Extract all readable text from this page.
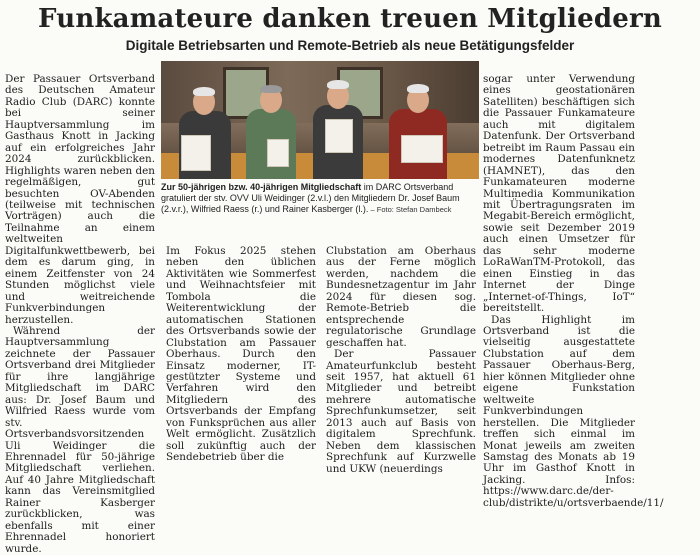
Funkamateure danken treuen Mitgliedern
Digitale Betriebsarten und Remote-Betrieb als neue Betätigungsfelder

Der Passauer Ortsverband des Deutschen Amateur Radio Club (DARC) konnte bei seiner Hauptversammlung im Gasthaus Knott in Jacking auf ein erfolgreiches Jahr 2024 zurückblicken. Highlights waren neben den regelmäßigen, gut besuchten OV-Abenden (teilweise mit technischen Vorträgen) auch die Teilnahme an einem weltweiten Digitalfunkwettbewerb, bei dem es darum ging, in einem Zeitfenster von 24 Stunden möglichst viele und weitreichende Funkverbindungen herzustellen.

Während der Hauptversammlung zeichnete der Passauer Ortsverband drei Mitglieder für ihre langjährige Mitgliedschaft im DARC aus: Dr. Josef Baum und Wilfried Raess wurde vom stv. Ortsverbandsvorsitzenden Uli Weidinger die Ehrennadel für 50-jährige Mitgliedschaft verliehen. Auf 40 Jahre Mitgliedschaft kann das Vereinsmitglied Rainer Kasberger zurückblicken, was ebenfalls mit einer Ehrennadel honoriert wurde.

Zur 50-jährigen bzw. 40-jährigen Mitgliedschaft im DARC Ortsverband gratuliert der stv. OVV Uli Weidinger (2.v.l.) den Mitgliedern Dr. Josef Baum (2.v.r.), Wilfried Raess (r.) und Rainer Kasberger (l.). – Foto: Stefan Dambeck

Im Fokus 2025 stehen neben den üblichen Aktivitäten wie Sommerfest und Weihnachtsfeier mit Tombola die Weiterentwicklung der automatischen Stationen des Ortsverbands sowie der Clubstation am Passauer Oberhaus. Durch den Einsatz moderner, IT-gestützter Systeme und Verfahren wird den Mitgliedern des Ortsverbands der Empfang von Funksprüchen aus aller Welt ermöglicht. Zusätzlich soll zukünftig auch der Sendebetrieb über die

Clubstation am Oberhaus aus der Ferne möglich werden, nachdem die Bundesnetzagentur im Jahr 2024 für diesen sog. Remote-Betrieb die entsprechende regulatorische Grundlage geschaffen hat.

Der Passauer Amateurfunkclub besteht seit 1957, hat aktuell 61 Mitglieder und betreibt mehrere automatische Sprechfunkumsetzer, seit 2013 auch auf Basis von digitalem Sprechfunk. Neben dem klassischen Sprechfunk auf Kurzwelle und UKW (neuerdings

sogar unter Verwendung eines geostationären Satelliten) beschäftigen sich die Passauer Funkamateure auch mit digitalem Datenfunk. Der Ortsverband betreibt im Raum Passau ein modernes Datenfunknetz (HAMNET), das den Funkamateuren moderne Multimedia Kommunikation mit Übertragungsraten im Megabit-Bereich ermöglicht, sowie seit Dezember 2019 auch einen Umsetzer für das sehr moderne LoRaWanTM-Protokoll, das einen Einstieg in das Internet der Dinge „Internet-of-Things, IoT“ bereitstellt.

Das Highlight im Ortsverband ist die vielseitig ausgestattete Clubstation auf dem Passauer Oberhaus-Berg, hier können Mitglieder ohne eigene Funkstation weltweite Funkverbindungen herstellen. Die Mitglieder treffen sich einmal im Monat jeweils am zweiten Samstag des Monats ab 19 Uhr im Gasthof Knott in Jacking. Infos: https://www.darc.de/der-club/distrikte/u/ortsverbaende/11/
